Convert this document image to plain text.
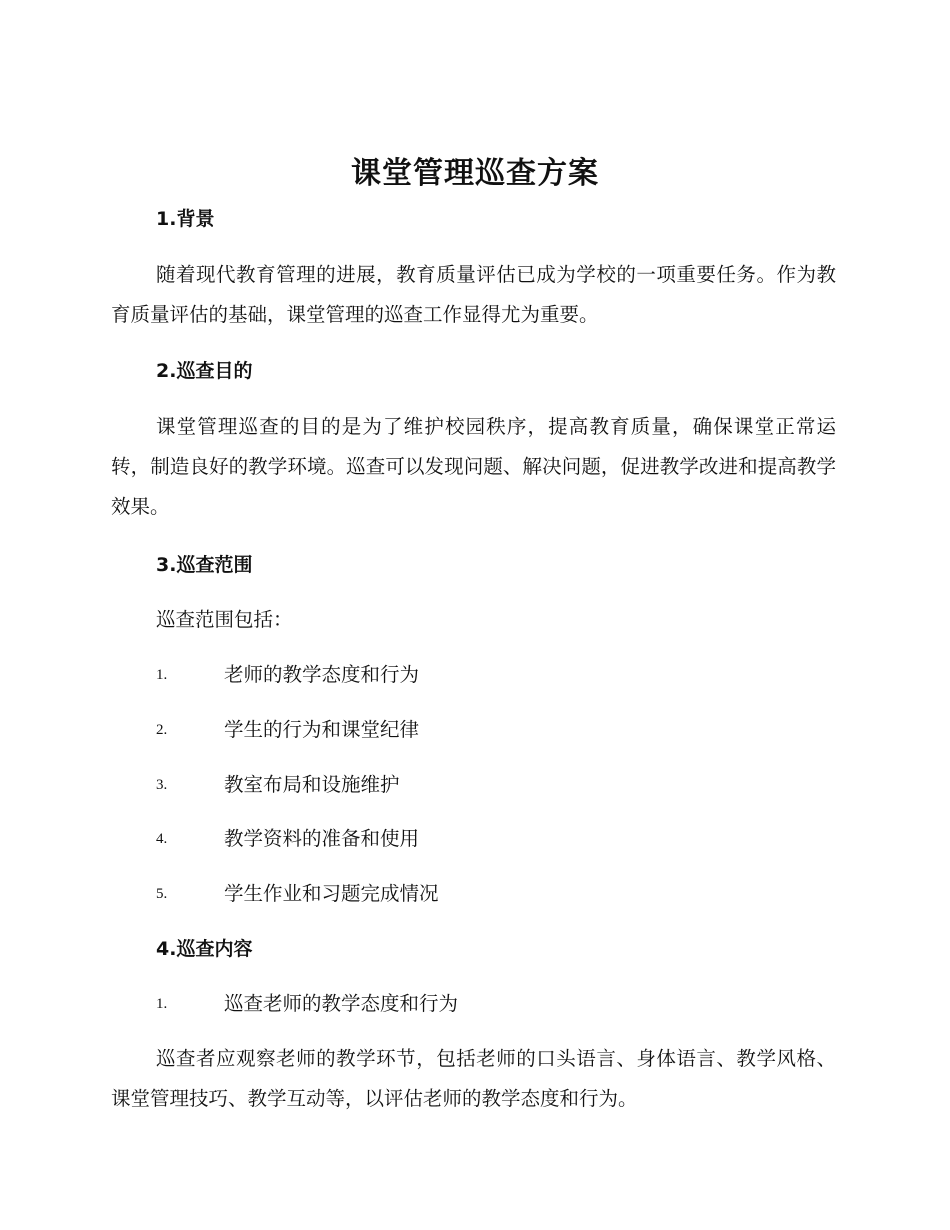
课堂管理巡查方案
1.背景

随着现代教育管理的进展，教育质量评估已成为学校的一项重要任务。作为教育质量评估的基础，课堂管理的巡查工作显得尤为重要。

2.巡查目的

课堂管理巡查的目的是为了维护校园秩序，提高教育质量，确保课堂正常运转，制造良好的教学环境。巡查可以发现问题、解决问题，促进教学改进和提高教学效果。

3.巡查范围

巡查范围包括：

1.	老师的教学态度和行为
2.	学生的行为和课堂纪律
3.	教室布局和设施维护
4.	教学资料的准备和使用
5.	学生作业和习题完成情况
4.巡查内容
1.	巡查老师的教学态度和行为

巡查者应观察老师的教学环节，包括老师的口头语言、身体语言、教学风格、课堂管理技巧、教学互动等，以评估老师的教学态度和行为。
